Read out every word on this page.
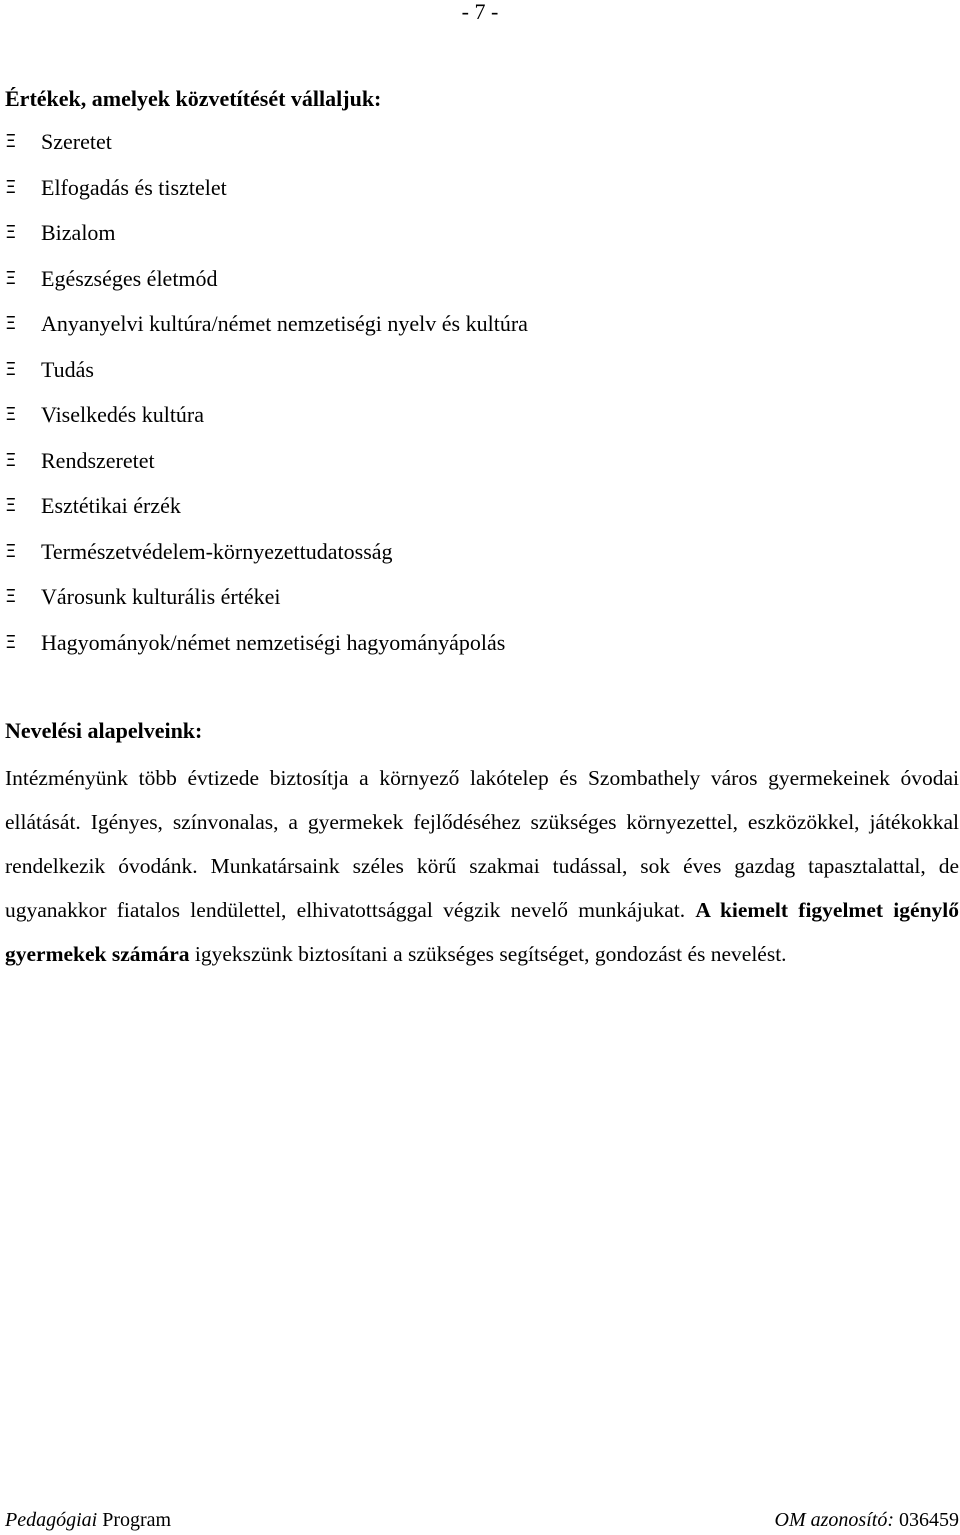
- 7 -
Értékek, amelyek közvetítését vállaljuk:
Ξ	Szeretet
Ξ	Elfogadás és tisztelet
Ξ	Bizalom
Ξ	Egészséges életmód
Ξ	Anyanyelvi kultúra/német nemzetiségi nyelv és kultúra
Ξ	Tudás
Ξ	Viselkedés kultúra
Ξ	Rendszeretet
Ξ	Esztétikai érzék
Ξ	Természetvédelem-környezettudatosság
Ξ	Városunk kulturális értékei
Ξ	Hagyományok/német nemzetiségi hagyományápolás
Nevelési alapelveink:

Intézményünk több évtizede biztosítja a környező lakótelep és Szombathely város gyermekeinek óvodai ellátását. Igényes, színvonalas, a gyermekek fejlődéséhez szükséges környezettel, eszközökkel, játékokkal rendelkezik óvodánk. Munkatársaink széles körű szakmai tudással, sok éves gazdag tapasztalattal, de ugyanakkor fiatalos lendülettel, elhivatottsággal végzik nevelő munkájukat. A kiemelt figyelmet igénylő gyermekek számára igyekszünk biztosítani a szükséges segítséget, gondozást és nevelést.

Pedagógiai Program	OM azonosító: 036459
